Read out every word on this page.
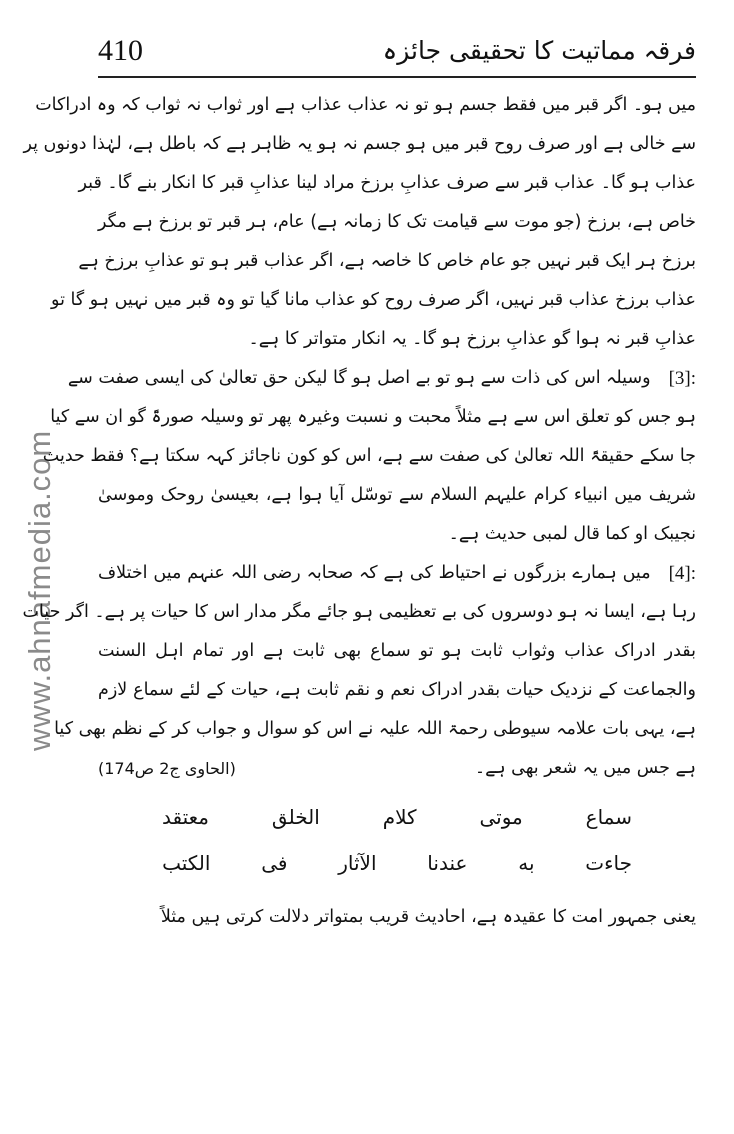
www.ahnafmedia.com
410	فرقہ مماتیت کا تحقیقی جائزہ
میں ہو۔ اگر قبر میں فقط جسم ہو تو نہ عذاب عذاب ہے اور ثواب نہ ثواب کہ وہ ادراکات
سے خالی ہے اور صرف روح قبر میں ہو جسم نہ ہو یہ ظاہر ہے کہ باطل ہے، لہٰذا دونوں پر
عذاب ہو گا۔ عذاب قبر سے صرف عذابِ برزخ مراد لینا عذابِ قبر کا انکار بنے گا۔ قبر
خاص ہے، برزخ (جو موت سے قیامت تک کا زمانہ ہے) عام، ہر قبر تو برزخ ہے مگر
برزخ ہر ایک قبر نہیں جو عام خاص کا خاصہ ہے، اگر عذاب قبر ہو تو عذابِ برزخ ہے
عذاب برزخ عذاب قبر نہیں، اگر صرف روح کو عذاب مانا گیا تو وہ قبر میں نہیں ہو گا تو
عذابِ قبر نہ ہوا گو عذابِ برزخ ہو گا۔ یہ انکار متواتر کا ہے۔
[3]:
وسیلہ اس کی ذات سے ہو تو بے اصل ہو گا لیکن حق تعالیٰ کی ایسی صفت سے
ہو جس کو تعلق اس سے ہے مثلاً محبت و نسبت وغیرہ پھر تو وسیلہ صورۃً گو ان سے کیا
جا سکے حقیقۃً اللہ تعالیٰ کی صفت سے ہے، اس کو کون ناجائز کہہ سکتا ہے؟ فقط حدیث
شریف میں انبیاء کرام علیہم السلام سے توسّل آیا ہوا ہے، بعیسیٰ روحک وموسیٰ
نجیبک او کما قال لمبی حدیث ہے۔
[4]:
میں ہمارے بزرگوں نے احتیاط کی ہے کہ صحابہ رضی اللہ عنہم میں اختلاف
رہا ہے، ایسا نہ ہو دوسروں کی بے تعظیمی ہو جائے مگر مدار اس کا حیات پر ہے۔ اگر حیات
بقدر ادراک عذاب وثواب ثابت ہو تو سماع بھی ثابت ہے اور تمام اہل السنت
والجماعت کے نزدیک حیات بقدر ادراک نعم و نقم ثابت ہے، حیات کے لئے سماع لازم
ہے، یہی بات علامہ سیوطی رحمۃ اللہ علیہ نے اس کو سوال و جواب کر کے نظم بھی کیا
ہے جس میں یہ شعر بھی ہے۔
(الحاوی ج2 ص174)
سماع
موتی
کلام
الخلق
معتقد
جاءت
به
عندنا
الآثار
فی
الکتب
یعنی جمہور امت کا عقیدہ ہے، احادیث قریب بمتواتر دلالت کرتی ہیں مثلاً
